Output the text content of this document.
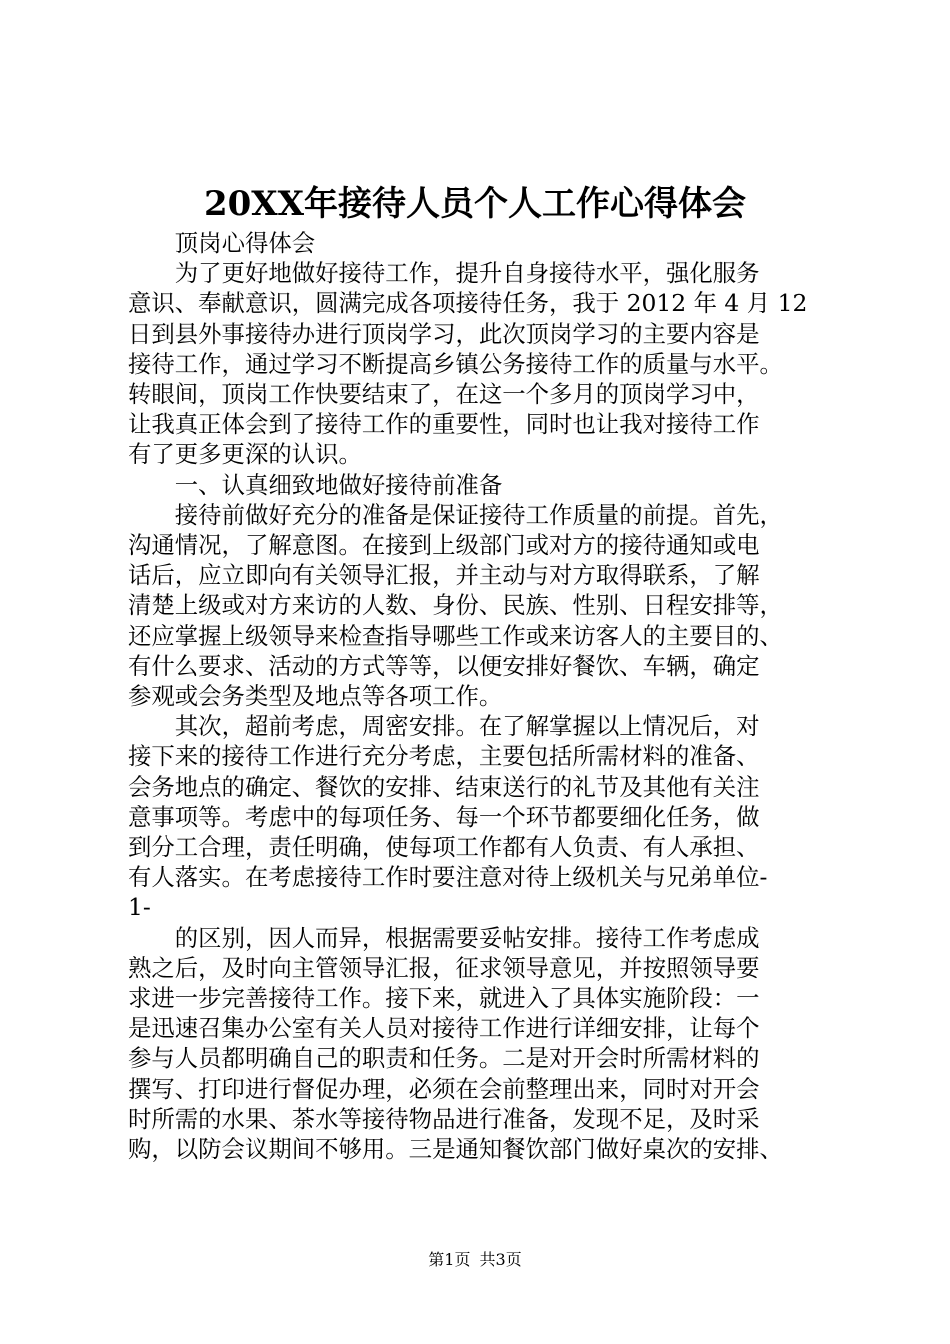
20XX年接待人员个人工作心得体会
顶岗心得体会
为了更好地做好接待工作，提升自身接待水平，强化服务
意识、奉献意识，圆满完成各项接待任务，我于 2012 年 4 月 12
日到县外事接待办进行顶岗学习，此次顶岗学习的主要内容是
接待工作，通过学习不断提高乡镇公务接待工作的质量与水平。
转眼间，顶岗工作快要结束了，在这一个多月的顶岗学习中，
让我真正体会到了接待工作的重要性，同时也让我对接待工作
有了更多更深的认识。
一、认真细致地做好接待前准备
接待前做好充分的准备是保证接待工作质量的前提。首先，
沟通情况，了解意图。在接到上级部门或对方的接待通知或电
话后，应立即向有关领导汇报，并主动与对方取得联系，了解
清楚上级或对方来访的人数、身份、民族、性别、日程安排等，
还应掌握上级领导来检查指导哪些工作或来访客人的主要目的、
有什么要求、活动的方式等等，以便安排好餐饮、车辆，确定
参观或会务类型及地点等各项工作。
其次，超前考虑，周密安排。在了解掌握以上情况后，对
接下来的接待工作进行充分考虑，主要包括所需材料的准备、
会务地点的确定、餐饮的安排、结束送行的礼节及其他有关注
意事项等。考虑中的每项任务、每一个环节都要细化任务，做
到分工合理，责任明确，使每项工作都有人负责、有人承担、
有人落实。在考虑接待工作时要注意对待上级机关与兄弟单位-
1-
的区别，因人而异，根据需要妥帖安排。接待工作考虑成
熟之后，及时向主管领导汇报，征求领导意见，并按照领导要
求进一步完善接待工作。接下来，就进入了具体实施阶段：一
是迅速召集办公室有关人员对接待工作进行详细安排，让每个
参与人员都明确自己的职责和任务。二是对开会时所需材料的
撰写、打印进行督促办理，必须在会前整理出来，同时对开会
时所需的水果、茶水等接待物品进行准备，发现不足，及时采
购，以防会议期间不够用。三是通知餐饮部门做好桌次的安排、
第1页 共3页
